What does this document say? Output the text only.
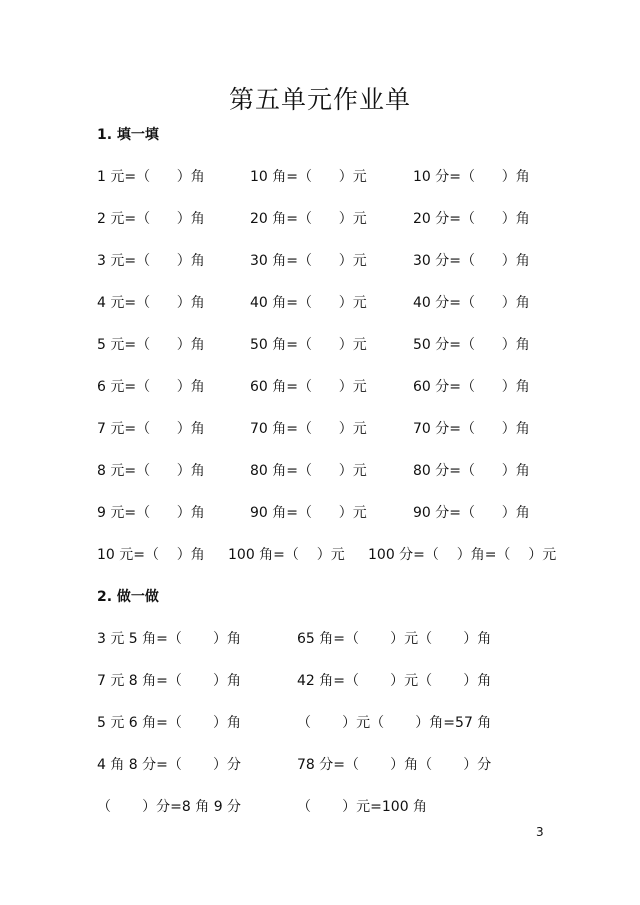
第五单元作业单
1. 填一填
1 元=（      ）角	10 角=（      ）元	10 分=（      ）角
2 元=（      ）角	20 角=（      ）元	20 分=（      ）角
3 元=（      ）角	30 角=（      ）元	30 分=（      ）角
4 元=（      ）角	40 角=（      ）元	40 分=（      ）角
5 元=（      ）角	50 角=（      ）元	50 分=（      ）角
6 元=（      ）角	60 角=（      ）元	60 分=（      ）角
7 元=（      ）角	70 角=（      ）元	70 分=（      ）角
8 元=（      ）角	80 角=（      ）元	80 分=（      ）角
9 元=（      ）角	90 角=（      ）元	90 分=（      ）角
10 元=（    ）角 100 角=（    ）元 100 分=（    ）角=（    ）元
2. 做一做
3 元 5 角=（       ）角	65 角=（       ）元（       ）角
7 元 8 角=（       ）角	42 角=（       ）元（       ）角
5 元 6 角=（       ）角	（       ）元（       ）角=57 角
4 角 8 分=（       ）分	78 分=（       ）角（       ）分
（       ）分=8 角 9 分	（       ）元=100 角
3
